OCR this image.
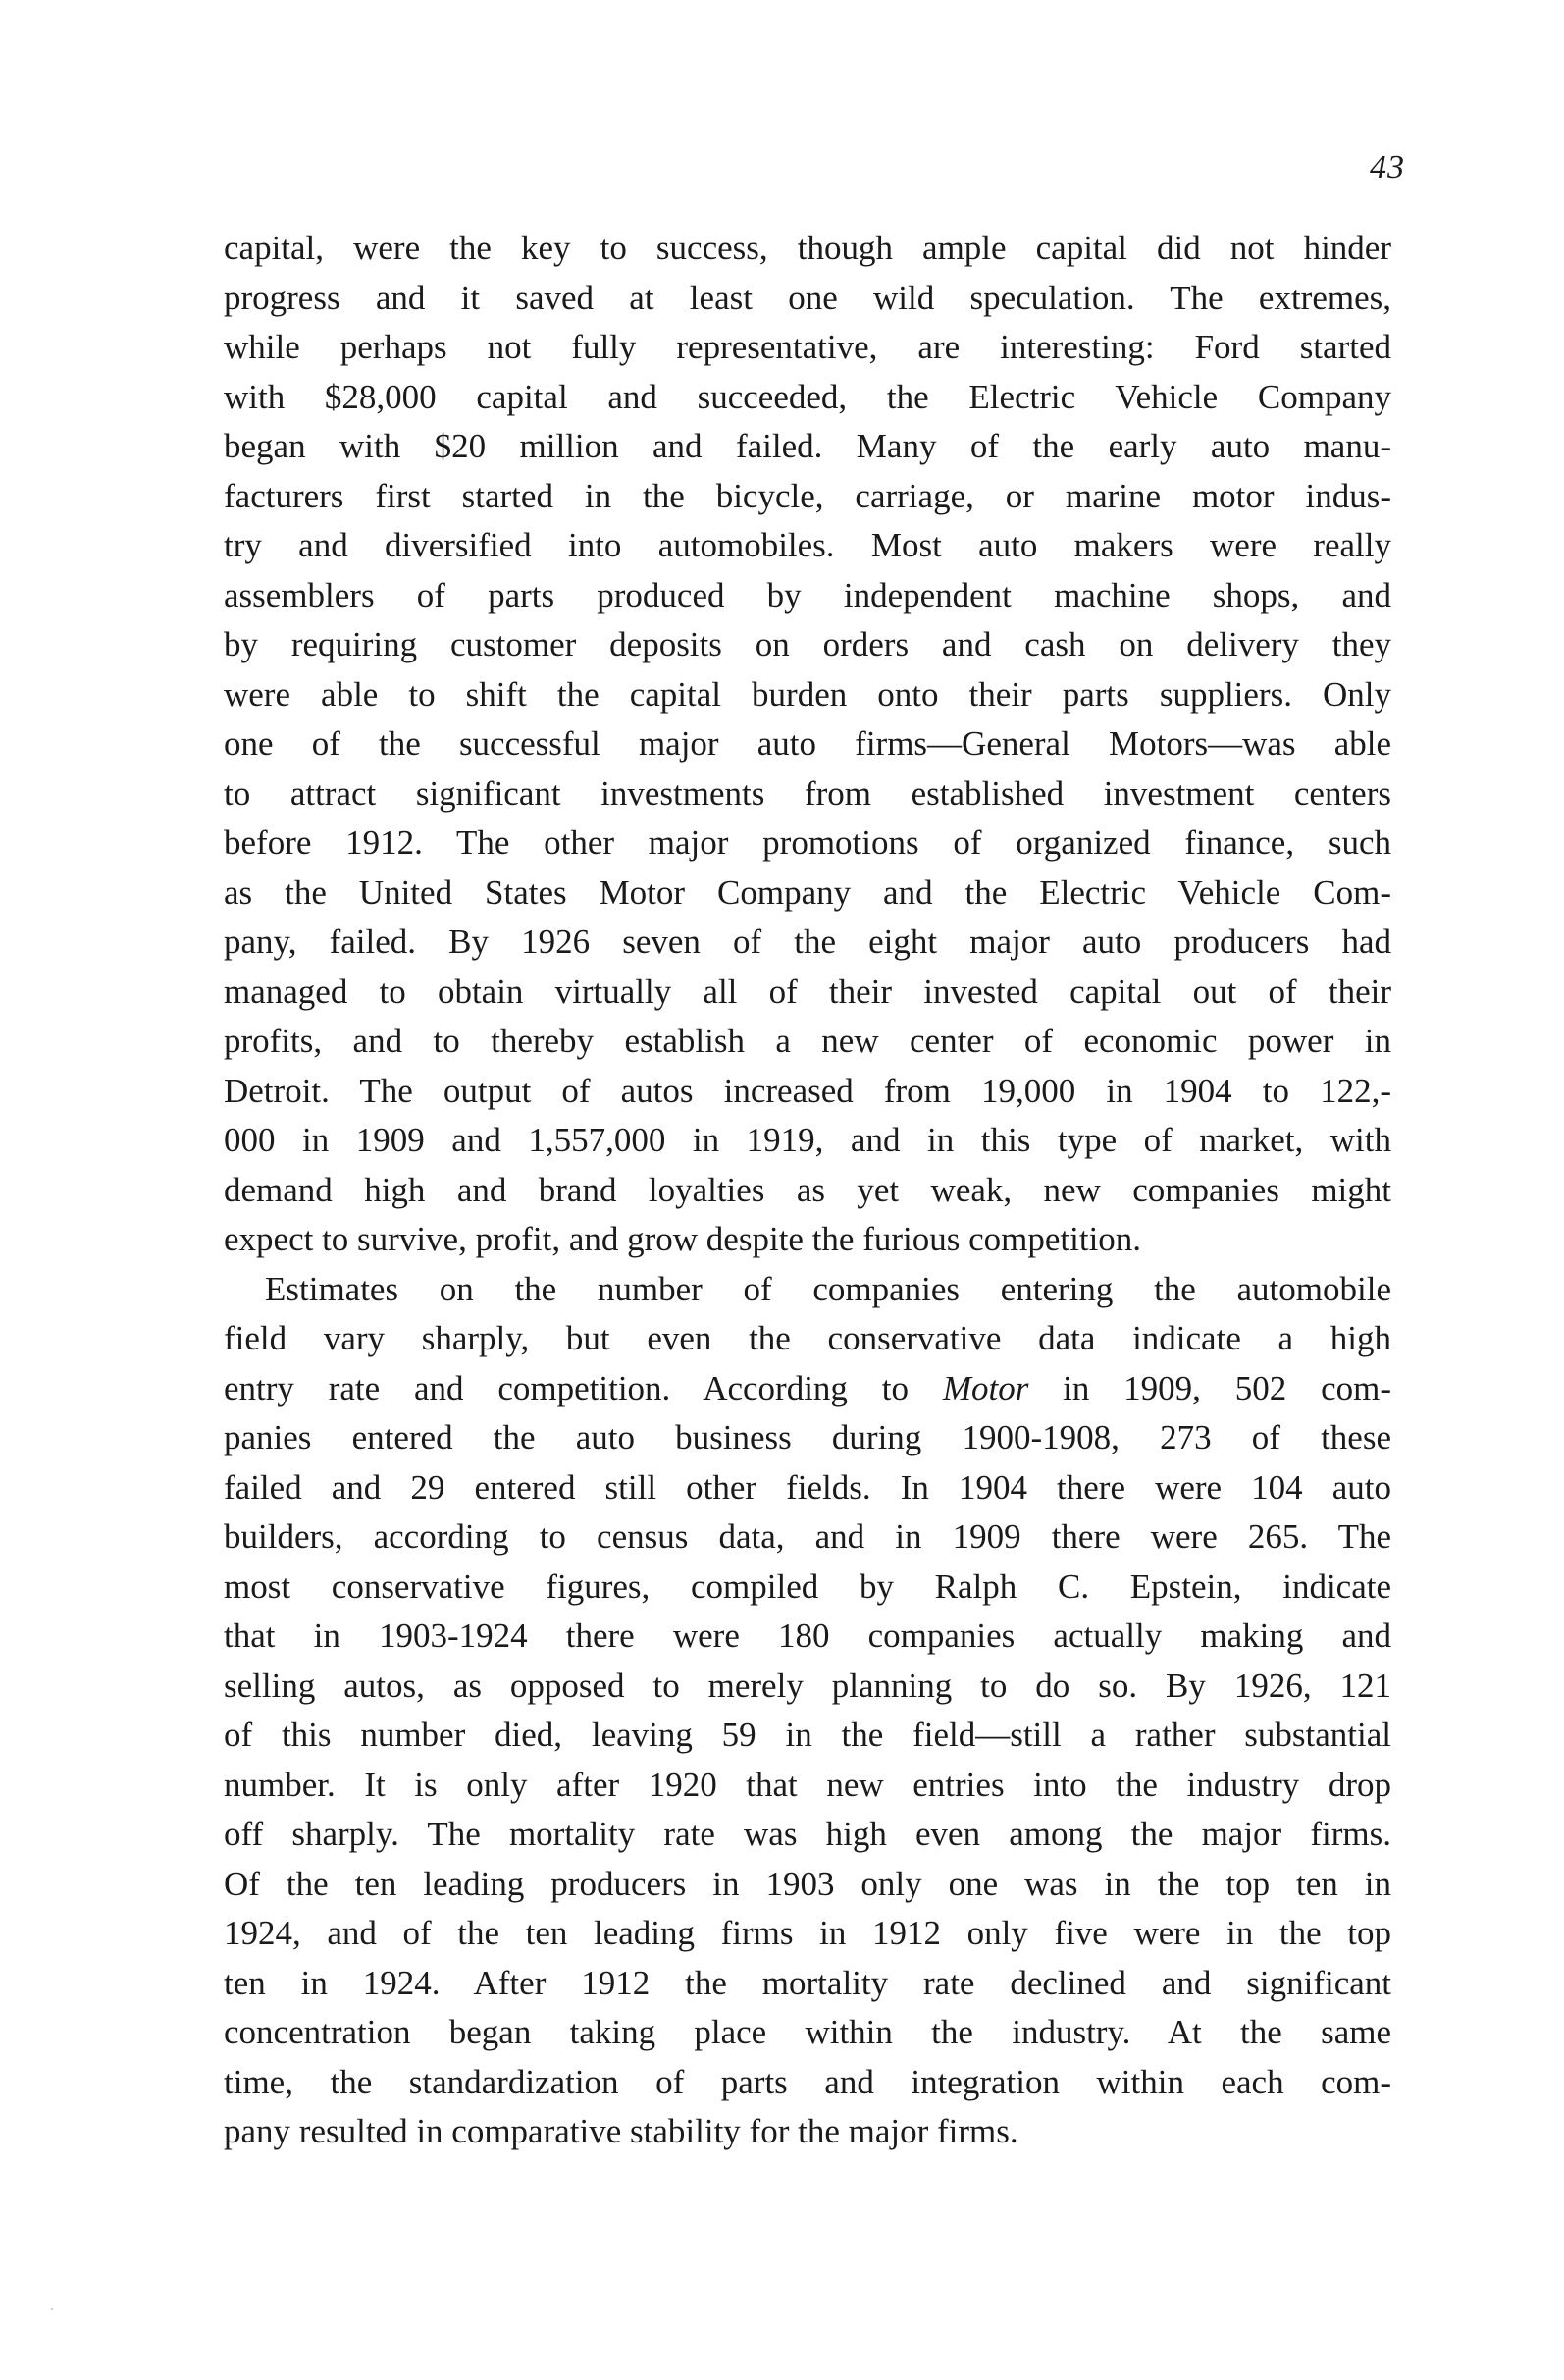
43
capital, were the key to success, though ample capital did not hinder
progress and it saved at least one wild speculation. The extremes,
while perhaps not fully representative, are interesting: Ford started
with $28,000 capital and succeeded, the Electric Vehicle Company
began with $20 million and failed. Many of the early auto manu-
facturers first started in the bicycle, carriage, or marine motor indus-
try and diversified into automobiles. Most auto makers were really
assemblers of parts produced by independent machine shops, and
by requiring customer deposits on orders and cash on delivery they
were able to shift the capital burden onto their parts suppliers. Only
one of the successful major auto firms—General Motors—was able
to attract significant investments from established investment centers
before 1912. The other major promotions of organized finance, such
as the United States Motor Company and the Electric Vehicle Com-
pany, failed. By 1926 seven of the eight major auto producers had
managed to obtain virtually all of their invested capital out of their
profits, and to thereby establish a new center of economic power in
Detroit. The output of autos increased from 19,000 in 1904 to 122,-
000 in 1909 and 1,557,000 in 1919, and in this type of market, with
demand high and brand loyalties as yet weak, new companies might
expect to survive, profit, and grow despite the furious competition.
Estimates on the number of companies entering the automobile
field vary sharply, but even the conservative data indicate a high
entry rate and competition. According to Motor in 1909, 502 com-
panies entered the auto business during 1900-1908, 273 of these
failed and 29 entered still other fields. In 1904 there were 104 auto
builders, according to census data, and in 1909 there were 265. The
most conservative figures, compiled by Ralph C. Epstein, indicate
that in 1903-1924 there were 180 companies actually making and
selling autos, as opposed to merely planning to do so. By 1926, 121
of this number died, leaving 59 in the field—still a rather substantial
number. It is only after 1920 that new entries into the industry drop
off sharply. The mortality rate was high even among the major firms.
Of the ten leading producers in 1903 only one was in the top ten in
1924, and of the ten leading firms in 1912 only five were in the top
ten in 1924. After 1912 the mortality rate declined and significant
concentration began taking place within the industry. At the same
time, the standardization of parts and integration within each com-
pany resulted in comparative stability for the major firms.
